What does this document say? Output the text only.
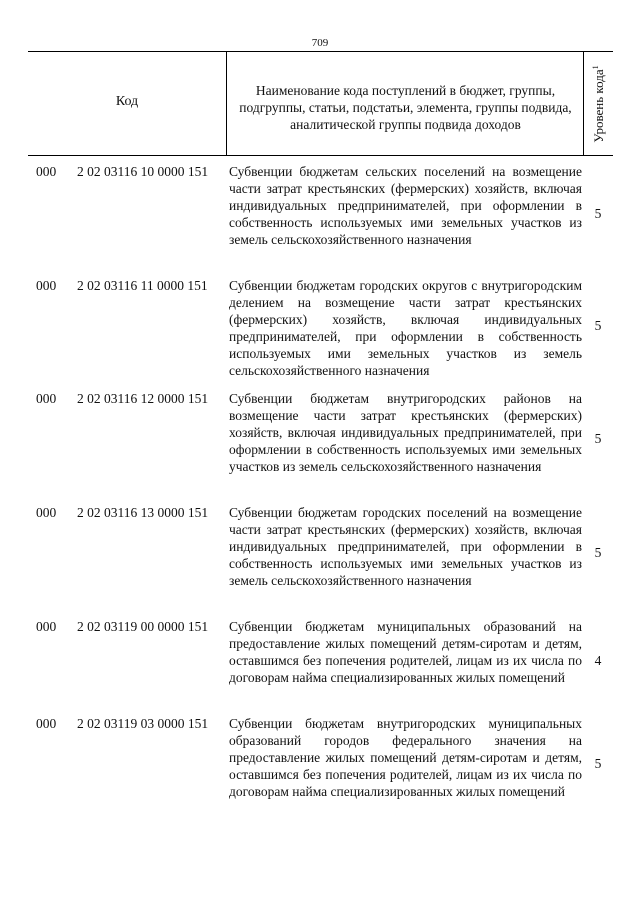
709
Код
Наименование кода поступлений в бюджет, группы, подгруппы, статьи, подстатьи, элемента, группы подвида, аналитической группы подвида доходов	Уровень кода$^1$
000 2 02 03116 10 0000 151 Субвенции бюджетам сельских поселений на возмещение части затрат крестьянских (фермерских) хозяйств, включая индивидуальных предпринимателей, при оформлении в собственность используемых ими земельных участков из земель сельскохозяйственного назначения
5
000 2 02 03116 11 0000 151 Субвенции бюджетам городских округов с внутригородским делением на возмещение части затрат крестьянских (фермерских) хозяйств, включая индивидуальных предпринимателей, при оформлении в собственность используемых ими земельных участков из земель сельскохозяйственного назначения
5
000 2 02 03116 12 0000 151 Субвенции бюджетам внутригородских районов на возмещение части затрат крестьянских (фермерских) хозяйств, включая индивидуальных предпринимателей, при оформлении в собственность используемых ими земельных участков из земель сельскохозяйственного назначения
5
000 2 02 03116 13 0000 151 Субвенции бюджетам городских поселений на возмещение части затрат крестьянских (фермерских) хозяйств, включая индивидуальных предпринимателей, при оформлении в собственность используемых ими земельных участков из земель сельскохозяйственного назначения
5
000 2 02 03119 00 0000 151 Субвенции бюджетам муниципальных образований на предоставление жилых помещений детям-сиротам и детям, оставшимся без попечения родителей, лицам из их числа по договорам найма специализированных жилых помещений
4
000 2 02 03119 03 0000 151 Субвенции бюджетам внутригородских муниципальных образований городов федерального значения на предоставление жилых помещений детям-сиротам и детям, оставшимся без попечения родителей, лицам из их числа по договорам найма специализированных жилых помещений
5
